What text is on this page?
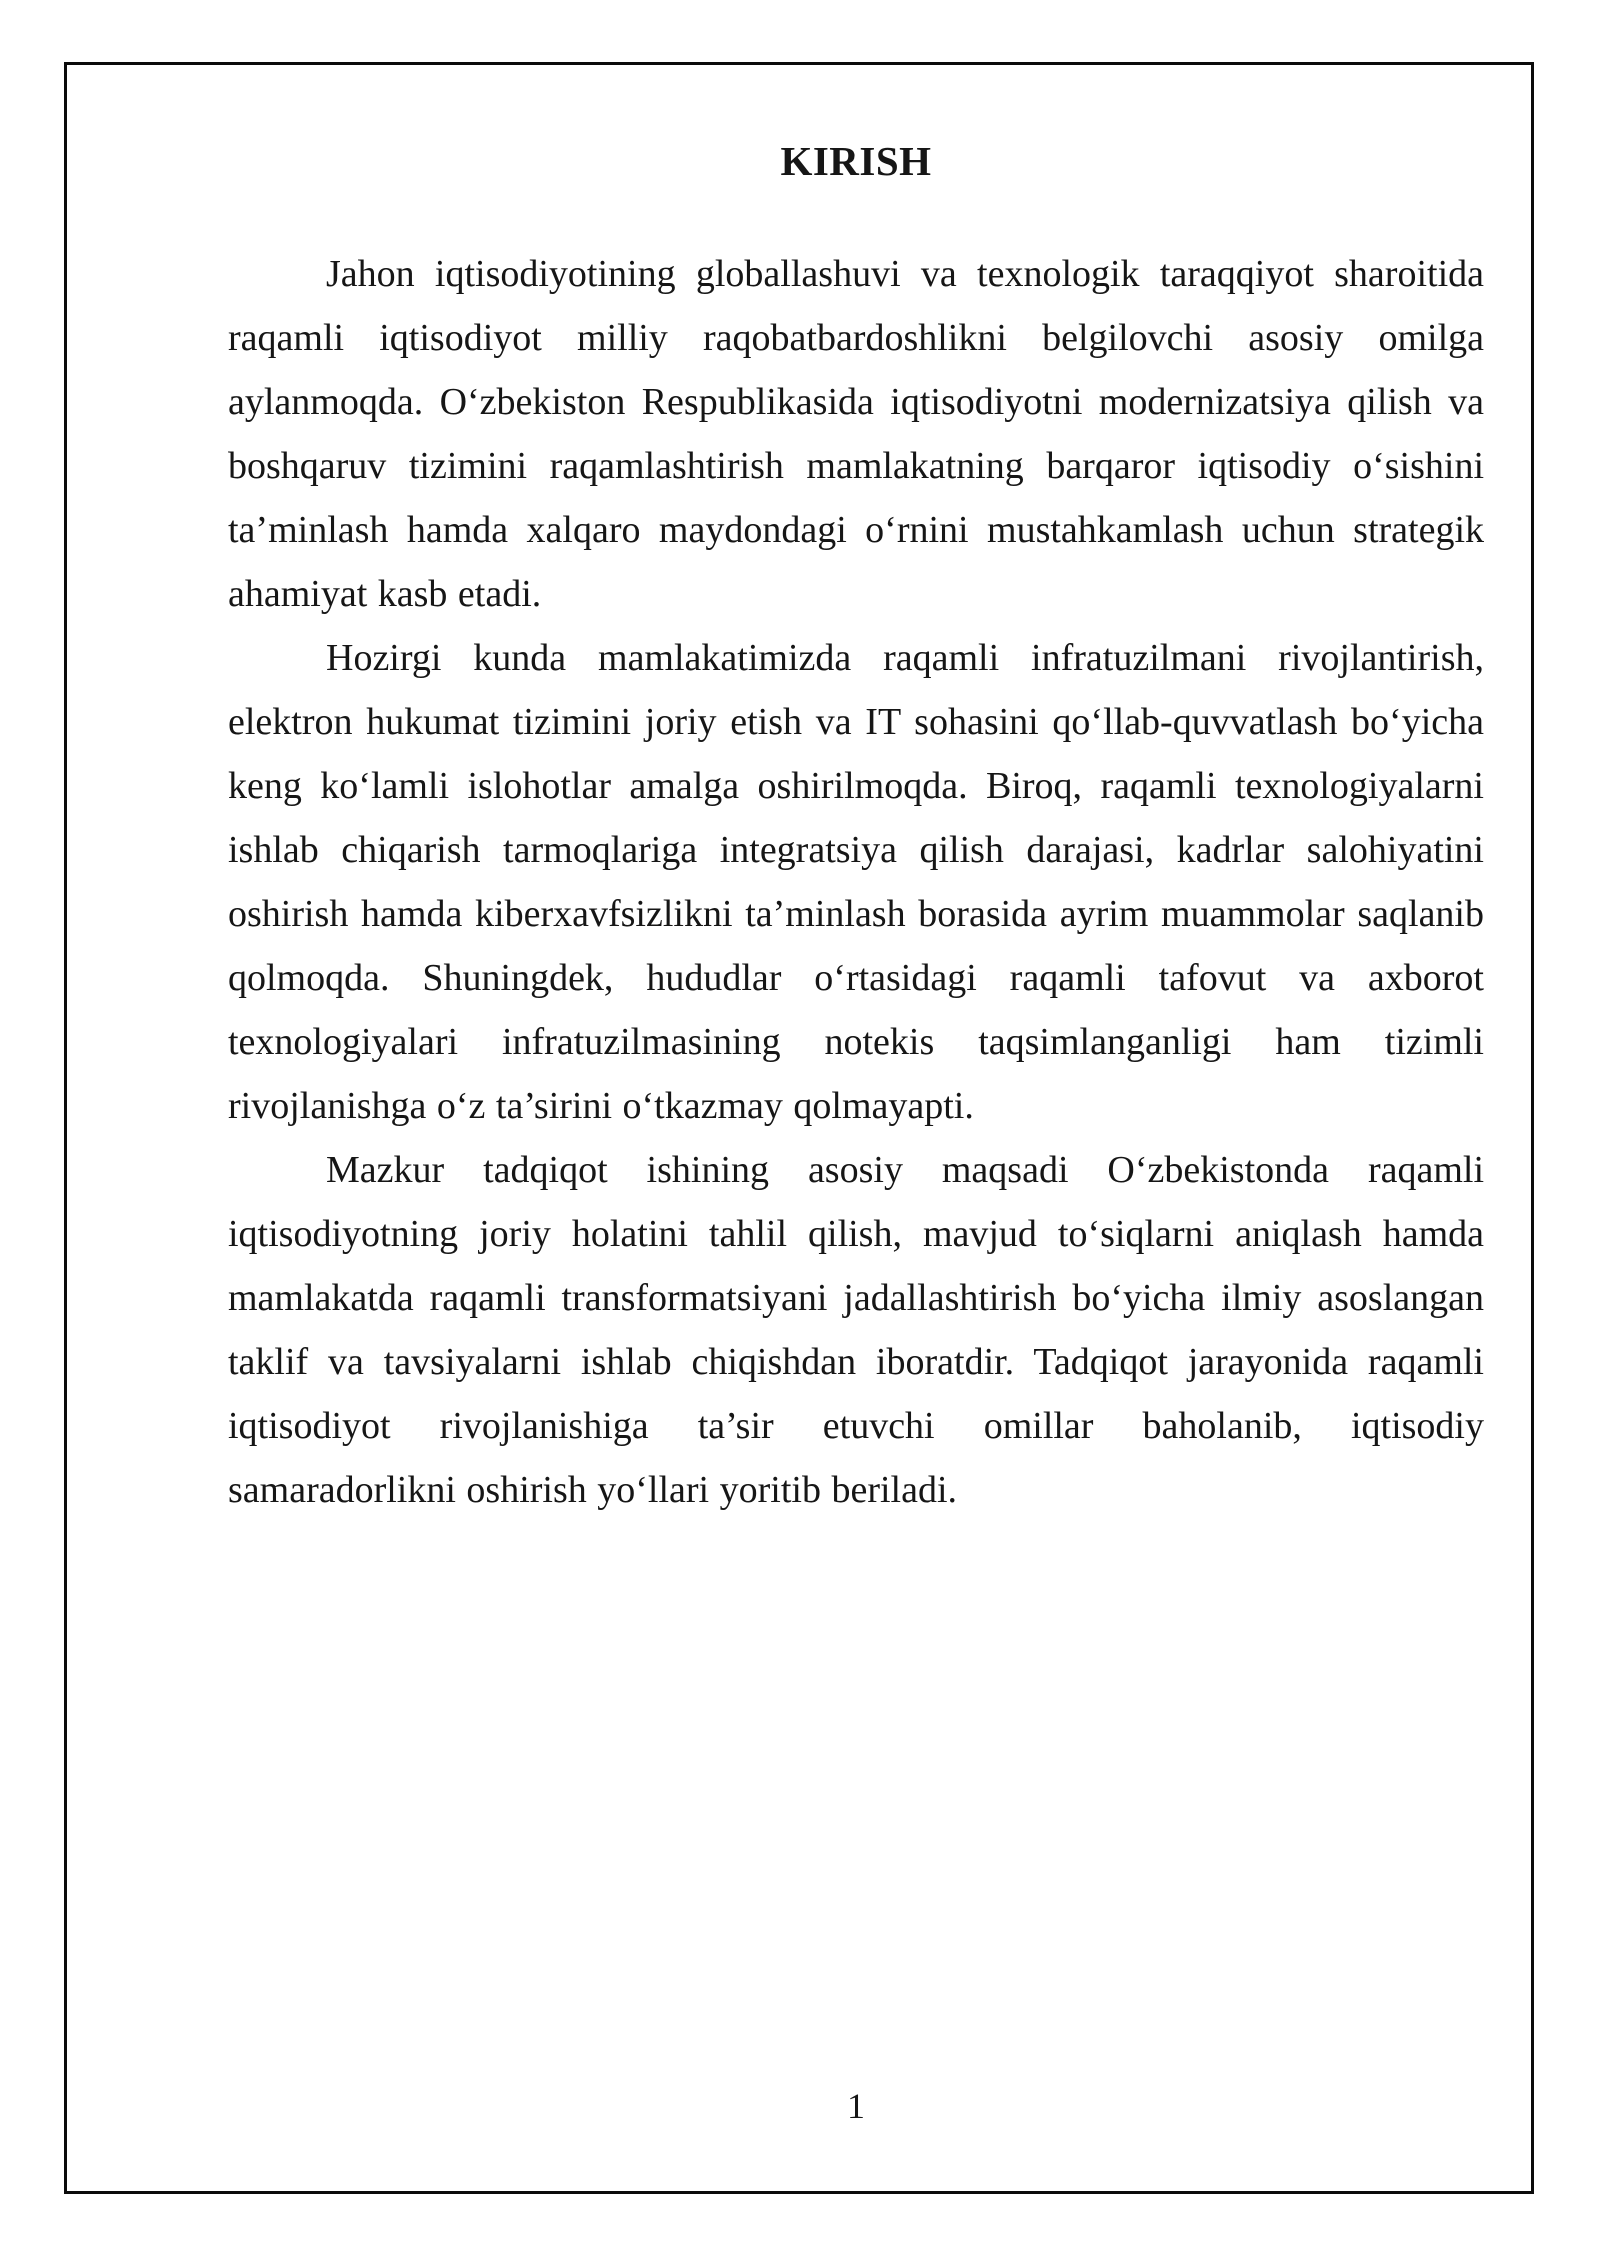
KIRISH

Jahon iqtisodiyotining globallashuvi va texnologik taraqqiyot sharoitida raqamli iqtisodiyot milliy raqobatbardoshlikni belgilovchi asosiy omilga aylanmoqda. Oʻzbekiston Respublikasida iqtisodiyotni modernizatsiya qilish va boshqaruv tizimini raqamlashtirish mamlakatning barqaror iqtisodiy oʻsishini ta’minlash hamda xalqaro maydondagi oʻrnini mustahkamlash uchun strategik ahamiyat kasb etadi.

Hozirgi kunda mamlakatimizda raqamli infratuzilmani rivojlantirish, elektron hukumat tizimini joriy etish va IT sohasini qoʻllab-quvvatlash boʻyicha keng koʻlamli islohotlar amalga oshirilmoqda. Biroq, raqamli texnologiyalarni ishlab chiqarish tarmoqlariga integratsiya qilish darajasi, kadrlar salohiyatini oshirish hamda kiberxavfsizlikni ta’minlash borasida ayrim muammolar saqlanib qolmoqda. Shuningdek, hududlar oʻrtasidagi raqamli tafovut va axborot texnologiyalari infratuzilmasining notekis taqsimlanganligi ham tizimli rivojlanishga oʻz ta’sirini oʻtkazmay qolmayapti.

Mazkur tadqiqot ishining asosiy maqsadi Oʻzbekistonda raqamli iqtisodiyotning joriy holatini tahlil qilish, mavjud toʻsiqlarni aniqlash hamda mamlakatda raqamli transformatsiyani jadallashtirish boʻyicha ilmiy asoslangan taklif va tavsiyalarni ishlab chiqishdan iboratdir. Tadqiqot jarayonida raqamli iqtisodiyot rivojlanishiga ta’sir etuvchi omillar baholanib, iqtisodiy samaradorlikni oshirish yoʻllari yoritib beriladi.

1
